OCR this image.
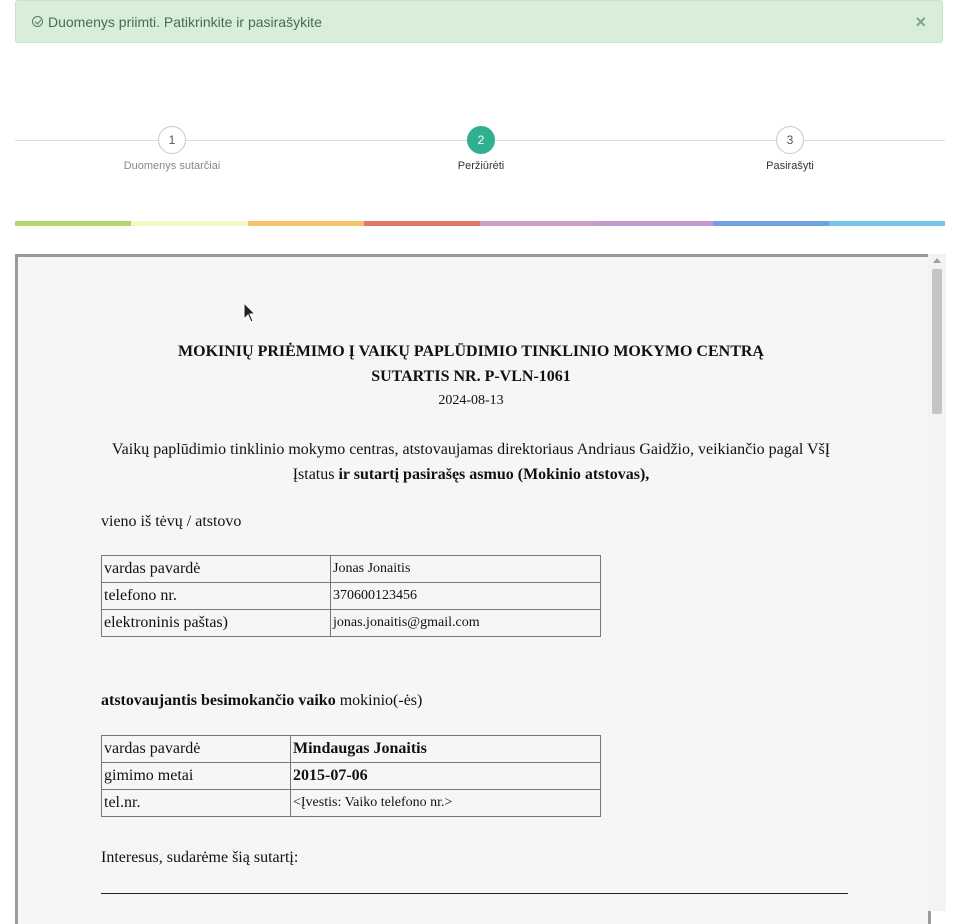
Duomenys priimti. Patikrinkite ir pasirašykite	×
1
Duomenys sutarčiai
2
Peržiūrėti
3
Pasirašyti
MOKINIŲ PRIĖMIMO Į VAIKŲ PAPLŪDIMIO TINKLINIO MOKYMO CENTRĄ
SUTARTIS NR. P-VLN-1061
2024-08-13
Vaikų paplūdimio tinklinio mokymo centras, atstovaujamas direktoriaus Andriaus Gaidžio, veikiančio pagal VšĮ
Įstatus ir sutartį pasirašęs asmuo (Mokinio atstovas),
vieno iš tėvų / atstovo
vardas pavardė	Jonas Jonaitis
telefono nr.	370600123456
elektroninis paštas)	jonas.jonaitis@gmail.com
atstovaujantis besimokančio vaiko mokinio(-ės)
vardas pavardė	Mindaugas Jonaitis
gimimo metai	2015-07-06
tel.nr.	<Įvestis: Vaiko telefono nr.>
Interesus, sudarėme šią sutartį:
